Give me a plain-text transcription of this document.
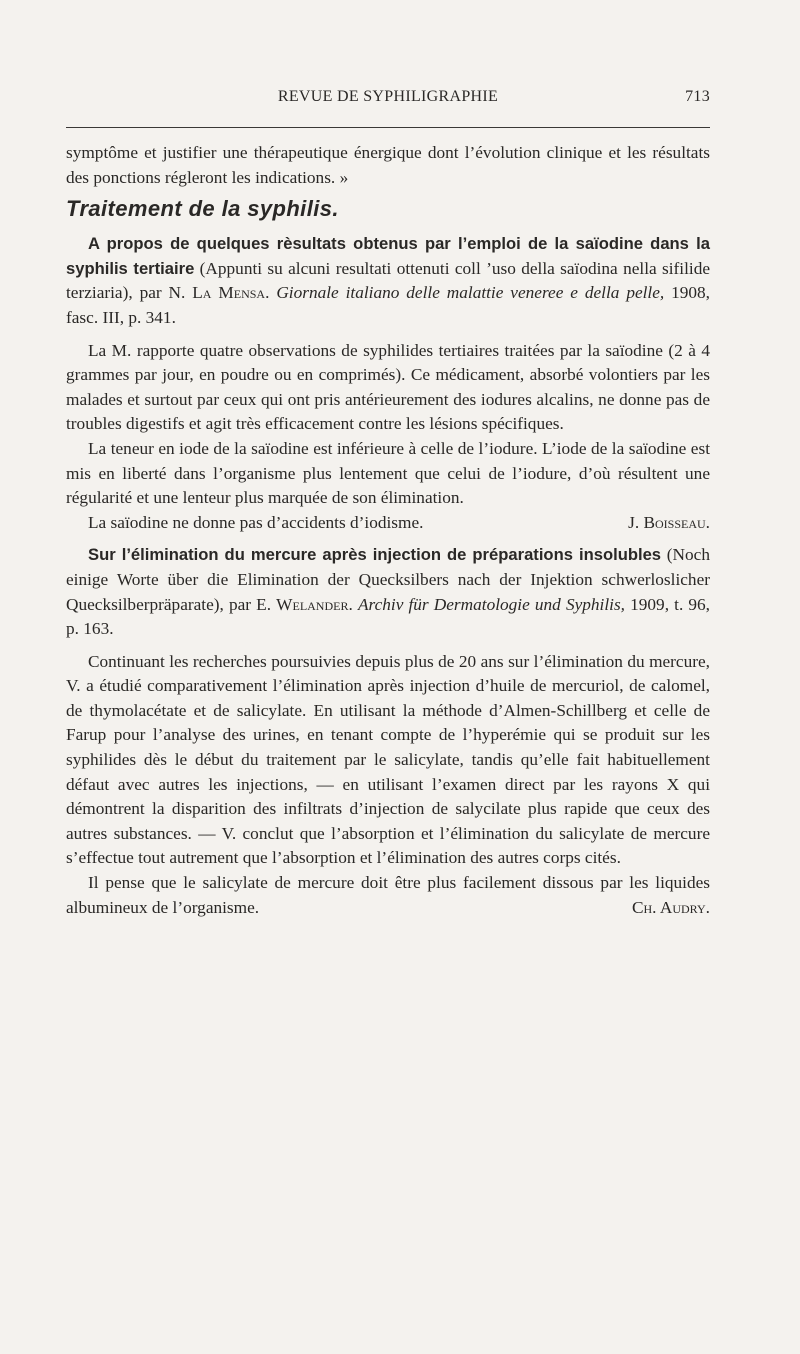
REVUE DE SYPHILIGRAPHIE	713

symptôme et justifier une thérapeutique énergique dont l’évolution clinique et les résultats des ponctions régleront les indications. »

Traitement de la syphilis.

A propos de quelques rèsultats obtenus par l’emploi de la saïodine dans la syphilis tertiaire (Appunti su alcuni resultati ottenuti coll ’uso della saïodina nella sifilide terziaria), par N. La Mensa. Giornale italiano delle malattie veneree e della pelle, 1908, fasc. III, p. 341.

La M. rapporte quatre observations de syphilides tertiaires traitées par la saïodine (2 à 4 grammes par jour, en poudre ou en comprimés). Ce médicament, absorbé volontiers par les malades et surtout par ceux qui ont pris antérieurement des iodures alcalins, ne donne pas de troubles digestifs et agit très efficacement contre les lésions spécifiques.

La teneur en iode de la saïodine est inférieure à celle de l’iodure. L’iode de la saïodine est mis en liberté dans l’organisme plus lentement que celui de l’iodure, d’où résultent une régularité et une lenteur plus marquée de son élimination.

La saïodine ne donne pas d’accidents d’iodisme.	J. Boisseau.

Sur l’élimination du mercure après injection de préparations insolubles (Noch einige Worte über die Elimination der Quecksilbers nach der Injektion schwerloslicher Quecksilberpräparate), par E. Welander. Archiv für Dermatologie und Syphilis, 1909, t. 96, p. 163.

Continuant les recherches poursuivies depuis plus de 20 ans sur l’élimination du mercure, V. a étudié comparativement l’élimination après injection d’huile de mercuriol, de calomel, de thymolacétate et de salicylate. En utilisant la méthode d’Almen-Schillberg et celle de Farup pour l’analyse des urines, en tenant compte de l’hyperémie qui se produit sur les syphilides dès le début du traitement par le salicylate, tandis qu’elle fait habituellement défaut avec autres les injections, — en utilisant l’examen direct par les rayons X qui démontrent la disparition des infiltrats d’injection de salycilate plus rapide que ceux des autres substances. — V. conclut que l’absorption et l’élimination du salicylate de mercure s’effectue tout autrement que l’absorption et l’élimination des autres corps cités.

Il pense que le salicylate de mercure doit être plus facilement dissous par les liquides albumineux de l’organisme.	Ch. Audry.
